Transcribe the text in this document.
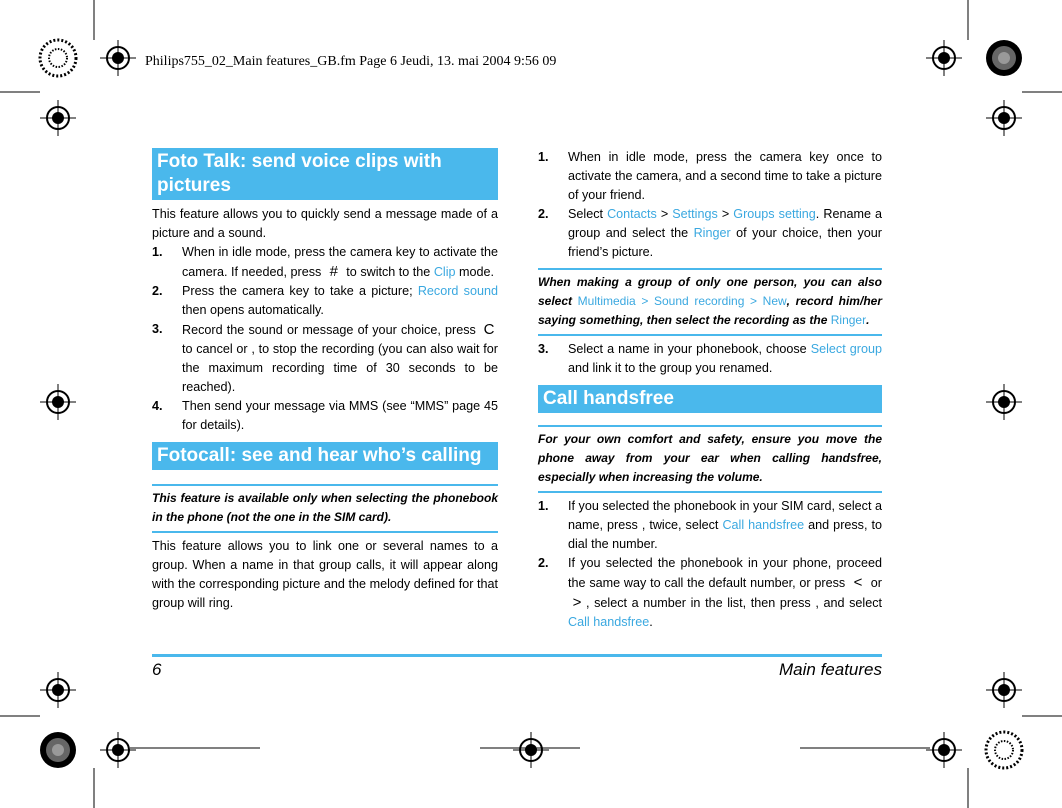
Philips755_02_Main features_GB.fm Page 6 Jeudi, 13. mai 2004 9:56 09
Foto Talk: send voice clips with pictures
This feature allows you to quickly send a message made of a picture and a sound.
1.	When in idle mode, press the camera key to activate the camera. If needed, press # to switch to the Clip mode.
2.	Press the camera key to take a picture; Record sound then opens automatically.
3.	Record the sound or message of your choice, press C to cancel or , to stop the recording (you can also wait for the maximum recording time of 30 seconds to be reached).
4.	Then send your message via MMS (see “MMS” page 45 for details).
Fotocall: see and hear who’s calling
This feature is available only when selecting the phonebook in the phone (not the one in the SIM card).
This feature allows you to link one or several names to a group. When a name in that group calls, it will appear along with the corresponding picture and the melody defined for that group will ring.
1.	When in idle mode, press the camera key once to activate the camera, and a second time to take a picture of your friend.
2.	Select Contacts > Settings > Groups setting. Rename a group and select the Ringer of your choice, then your friend’s picture.
When making a group of only one person, you can also select Multimedia > Sound recording > New, record him/her saying something, then select the recording as the Ringer.
3.	Select a name in your phonebook, choose Select group and link it to the group you renamed.
Call handsfree
For your own comfort and safety, ensure you move the phone away from your ear when calling handsfree, especially when increasing the volume.
1.	If you selected the phonebook in your SIM card, select a name, press , twice, select Call handsfree and press, to dial the number.
2.	If you selected the phonebook in your phone, proceed the same way to call the default number, or press < or > , select a number in the list, then press , and select Call handsfree.
6	Main features
